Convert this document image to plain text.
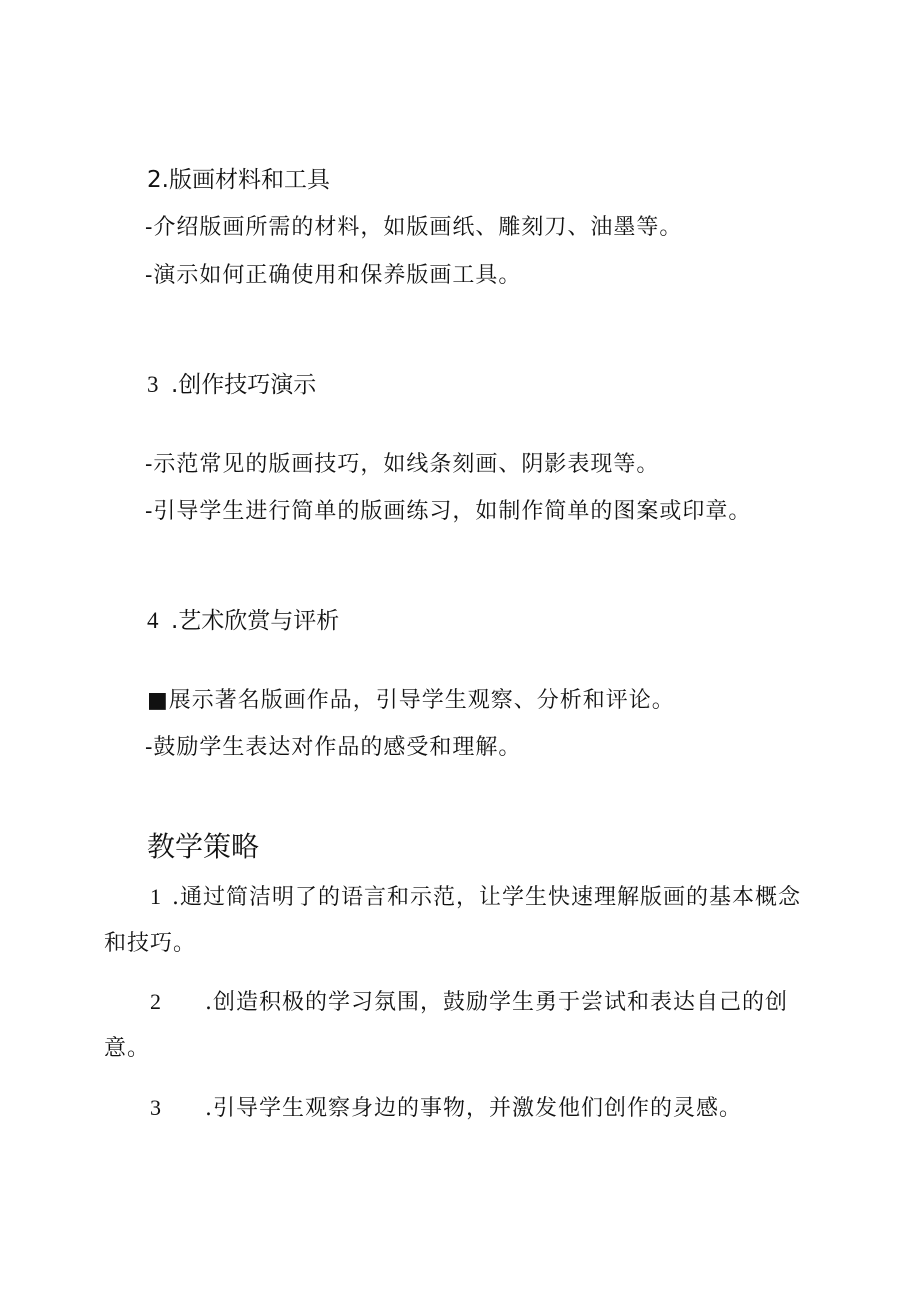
2.版画材料和工具
-介绍版画所需的材料，如版画纸、雕刻刀、油墨等。
-演示如何正确使用和保养版画工具。
3 .创作技巧演示
-示范常见的版画技巧，如线条刻画、阴影表现等。
-引导学生进行简单的版画练习，如制作简单的图案或印章。
4 .艺术欣赏与评析
■展示著名版画作品，引导学生观察、分析和评论。
-鼓励学生表达对作品的感受和理解。
教学策略
1 .通过简洁明了的语言和示范，让学生快速理解版画的基本概念
和技巧。
2 .创造积极的学习氛围，鼓励学生勇于尝试和表达自己的创
意。
3 .引导学生观察身边的事物，并激发他们创作的灵感。
